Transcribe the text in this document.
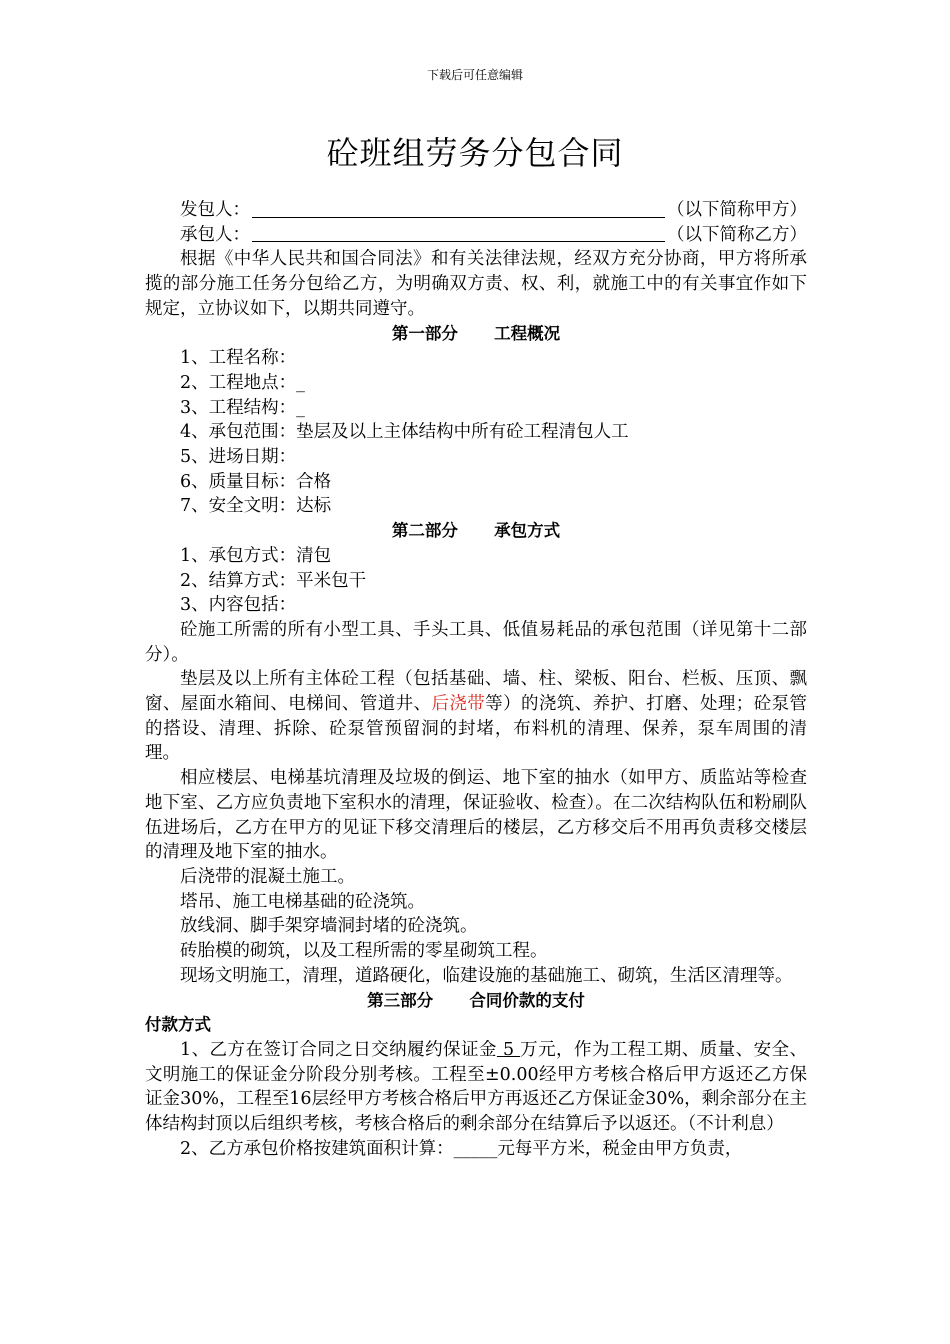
下载后可任意编辑
砼班组劳务分包合同

发包人：	（以下简称甲方）

承包人：	（以下简称乙方）

根据《中华人民共和国合同法》和有关法律法规，经双方充分协商，甲方将所承揽的部分施工任务分包给乙方，为明确双方责、权、利，就施工中的有关事宜作如下规定，立协议如下，以期共同遵守。

第一部分 工程概况

1、工程名称：

2、工程地点：_

3、工程结构：_

4、承包范围：垫层及以上主体结构中所有砼工程清包人工

5、进场日期：

6、质量目标：合格

7、安全文明：达标

第二部分 承包方式

1、承包方式：清包

2、结算方式：平米包干

3、内容包括：

砼施工所需的所有小型工具、手头工具、低值易耗品的承包范围（详见第十二部分）。

垫层及以上所有主体砼工程（包括基础、墙、柱、梁板、阳台、栏板、压顶、飘窗、屋面水箱间、电梯间、管道井、后浇带等）的浇筑、养护、打磨、处理；砼泵管的搭设、清理、拆除、砼泵管预留洞的封堵，布料机的清理、保养，泵车周围的清理。

相应楼层、电梯基坑清理及垃圾的倒运、地下室的抽水（如甲方、质监站等检查地下室、乙方应负责地下室积水的清理，保证验收、检查）。在二次结构队伍和粉刷队伍进场后，乙方在甲方的见证下移交清理后的楼层，乙方移交后不用再负责移交楼层的清理及地下室的抽水。

后浇带的混凝土施工。

塔吊、施工电梯基础的砼浇筑。

放线洞、脚手架穿墙洞封堵的砼浇筑。

砖胎模的砌筑，以及工程所需的零星砌筑工程。

现场文明施工，清理，道路硬化，临建设施的基础施工、砌筑，生活区清理等。

第三部分 合同价款的支付

付款方式

1、乙方在签订合同之日交纳履约保证金 5 万元，作为工程工期、质量、安全、文明施工的保证金分阶段分别考核。工程至±0.00经甲方考核合格后甲方返还乙方保证金30%，工程至16层经甲方考核合格后甲方再返还乙方保证金30%，剩余部分在主体结构封顶以后组织考核，考核合格后的剩余部分在结算后予以返还。（不计利息）

2、乙方承包价格按建筑面积计算：_____元每平方米，税金由甲方负责，
